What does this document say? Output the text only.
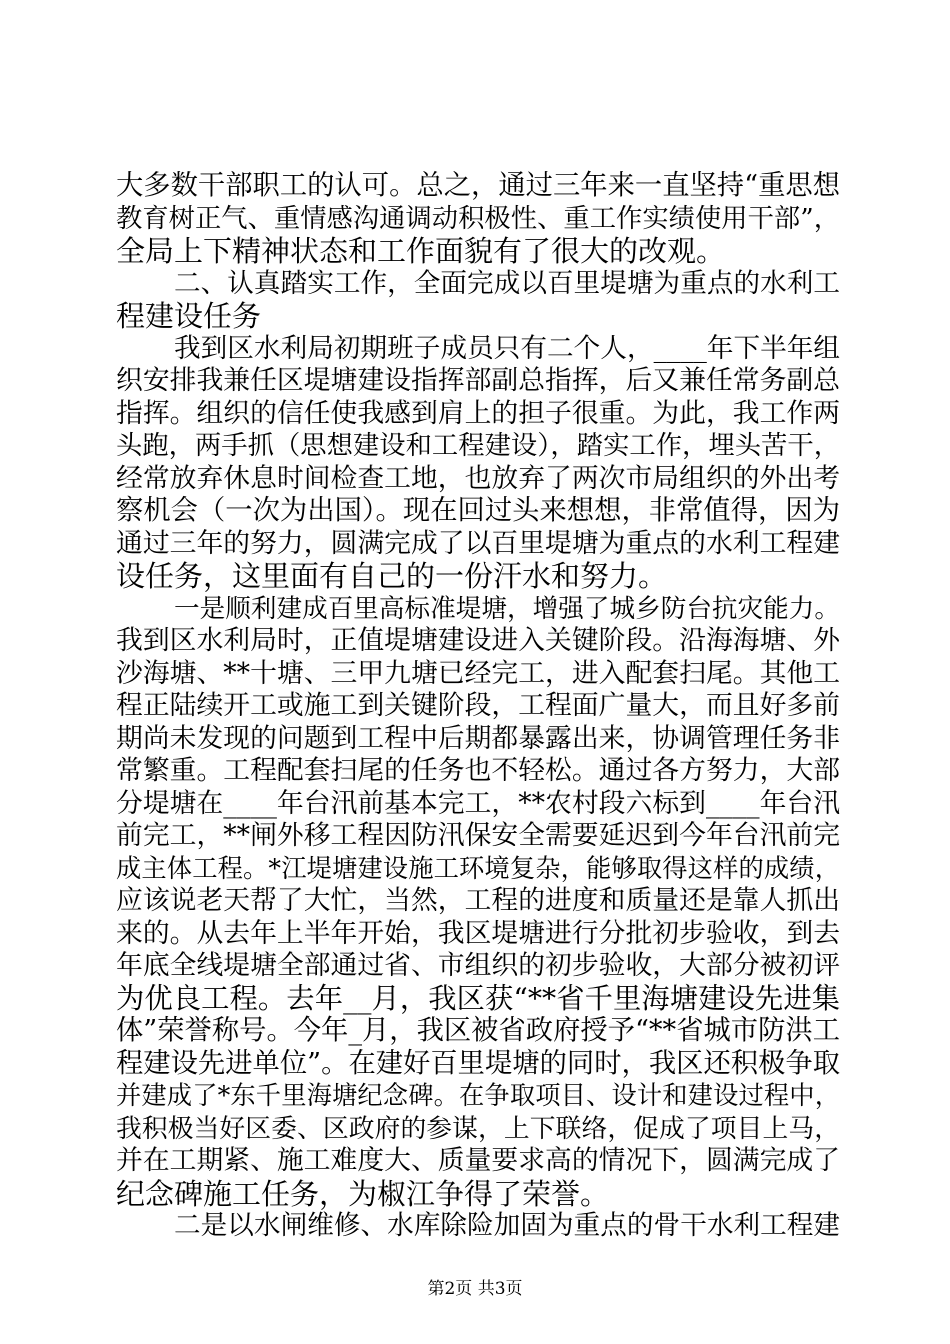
大多数干部职工的认可。总之，通过三年来一直坚持“重思想
教育树正气、重情感沟通调动积极性、重工作实绩使用干部”，
全局上下精神状态和工作面貌有了很大的改观。
二、认真踏实工作，全面完成以百里堤塘为重点的水利工
程建设任务
我到区水利局初期班子成员只有二个人，____年下半年组
织安排我兼任区堤塘建设指挥部副总指挥，后又兼任常务副总
指挥。组织的信任使我感到肩上的担子很重。为此，我工作两
头跑，两手抓（思想建设和工程建设），踏实工作，埋头苦干，
经常放弃休息时间检查工地，也放弃了两次市局组织的外出考
察机会（一次为出国）。现在回过头来想想，非常值得，因为
通过三年的努力，圆满完成了以百里堤塘为重点的水利工程建
设任务，这里面有自己的一份汗水和努力。
一是顺利建成百里高标准堤塘，增强了城乡防台抗灾能力。
我到区水利局时，正值堤塘建设进入关键阶段。沿海海塘、外
沙海塘、**十塘、三甲九塘已经完工，进入配套扫尾。其他工
程正陆续开工或施工到关键阶段，工程面广量大，而且好多前
期尚未发现的问题到工程中后期都暴露出来，协调管理任务非
常繁重。工程配套扫尾的任务也不轻松。通过各方努力，大部
分堤塘在____年台汛前基本完工，**农村段六标到____年台汛
前完工，**闸外移工程因防汛保安全需要延迟到今年台汛前完
成主体工程。*江堤塘建设施工环境复杂，能够取得这样的成绩，
应该说老天帮了大忙，当然，工程的进度和质量还是靠人抓出
来的。从去年上半年开始，我区堤塘进行分批初步验收，到去
年底全线堤塘全部通过省、市组织的初步验收，大部分被初评
为优良工程。去年__月，我区获“**省千里海塘建设先进集
体”荣誉称号。今年_月，我区被省政府授予“**省城市防洪工
程建设先进单位”。在建好百里堤塘的同时，我区还积极争取
并建成了*东千里海塘纪念碑。在争取项目、设计和建设过程中，
我积极当好区委、区政府的参谋，上下联络，促成了项目上马，
并在工期紧、施工难度大、质量要求高的情况下，圆满完成了
纪念碑施工任务，为椒江争得了荣誉。
二是以水闸维修、水库除险加固为重点的骨干水利工程建
第2页 共3页
